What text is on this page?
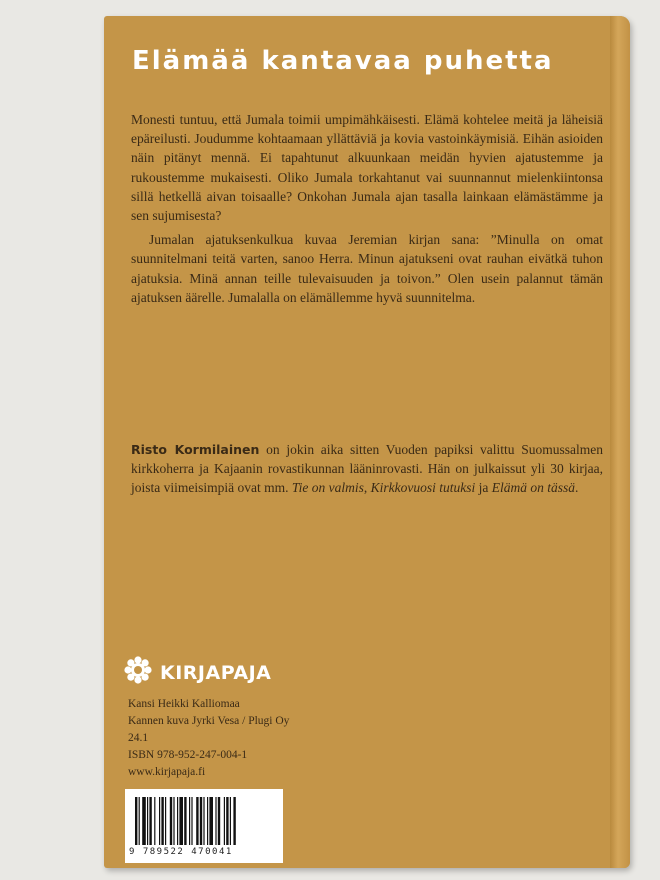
Elämää kantavaa puhetta

Monesti tuntuu, että Jumala toimii umpimähkäisesti. Elämä kohtelee meitä ja läheisiä epäreilusti. Joudumme kohtaamaan yllättäviä ja kovia vastoinkäymisiä. Eihän asioiden näin pitänyt mennä. Ei tapahtunut alkuunkaan meidän hyvien ajatustemme ja rukoustemme mukaisesti. Oliko Jumala torkahtanut vai suunnannut mielenkiintonsa sillä hetkellä aivan toisaalle? Onkohan Jumala ajan tasalla lainkaan elämästämme ja sen sujumisesta?

Jumalan ajatuksenkulkua kuvaa Jeremian kirjan sana: ”Minulla on omat suunnitelmani teitä varten, sanoo Herra. Minun ajatukseni ovat rauhan eivätkä tuhon ajatuksia. Minä annan teille tulevaisuuden ja toivon.” Olen usein palannut tämän ajatuksen äärelle. Jumalalla on elämällemme hyvä suunnitelma.

Risto Kormilainen on jokin aika sitten Vuoden papiksi valittu Suomussalmen kirkkoherra ja Kajaanin rovastikunnan lääninrovasti. Hän on julkaissut yli 30 kirjaa, joista viimeisimpiä ovat mm. Tie on valmis, Kirkkovuosi tutuksi ja Elämä on tässä.

KIRJAPAJA
Kansi Heikki Kalliomaa
Kannen kuva Jyrki Vesa / Plugi Oy
24.1
ISBN 978-952-247-004-1
www.kirjapaja.fi
9 789522 470041
